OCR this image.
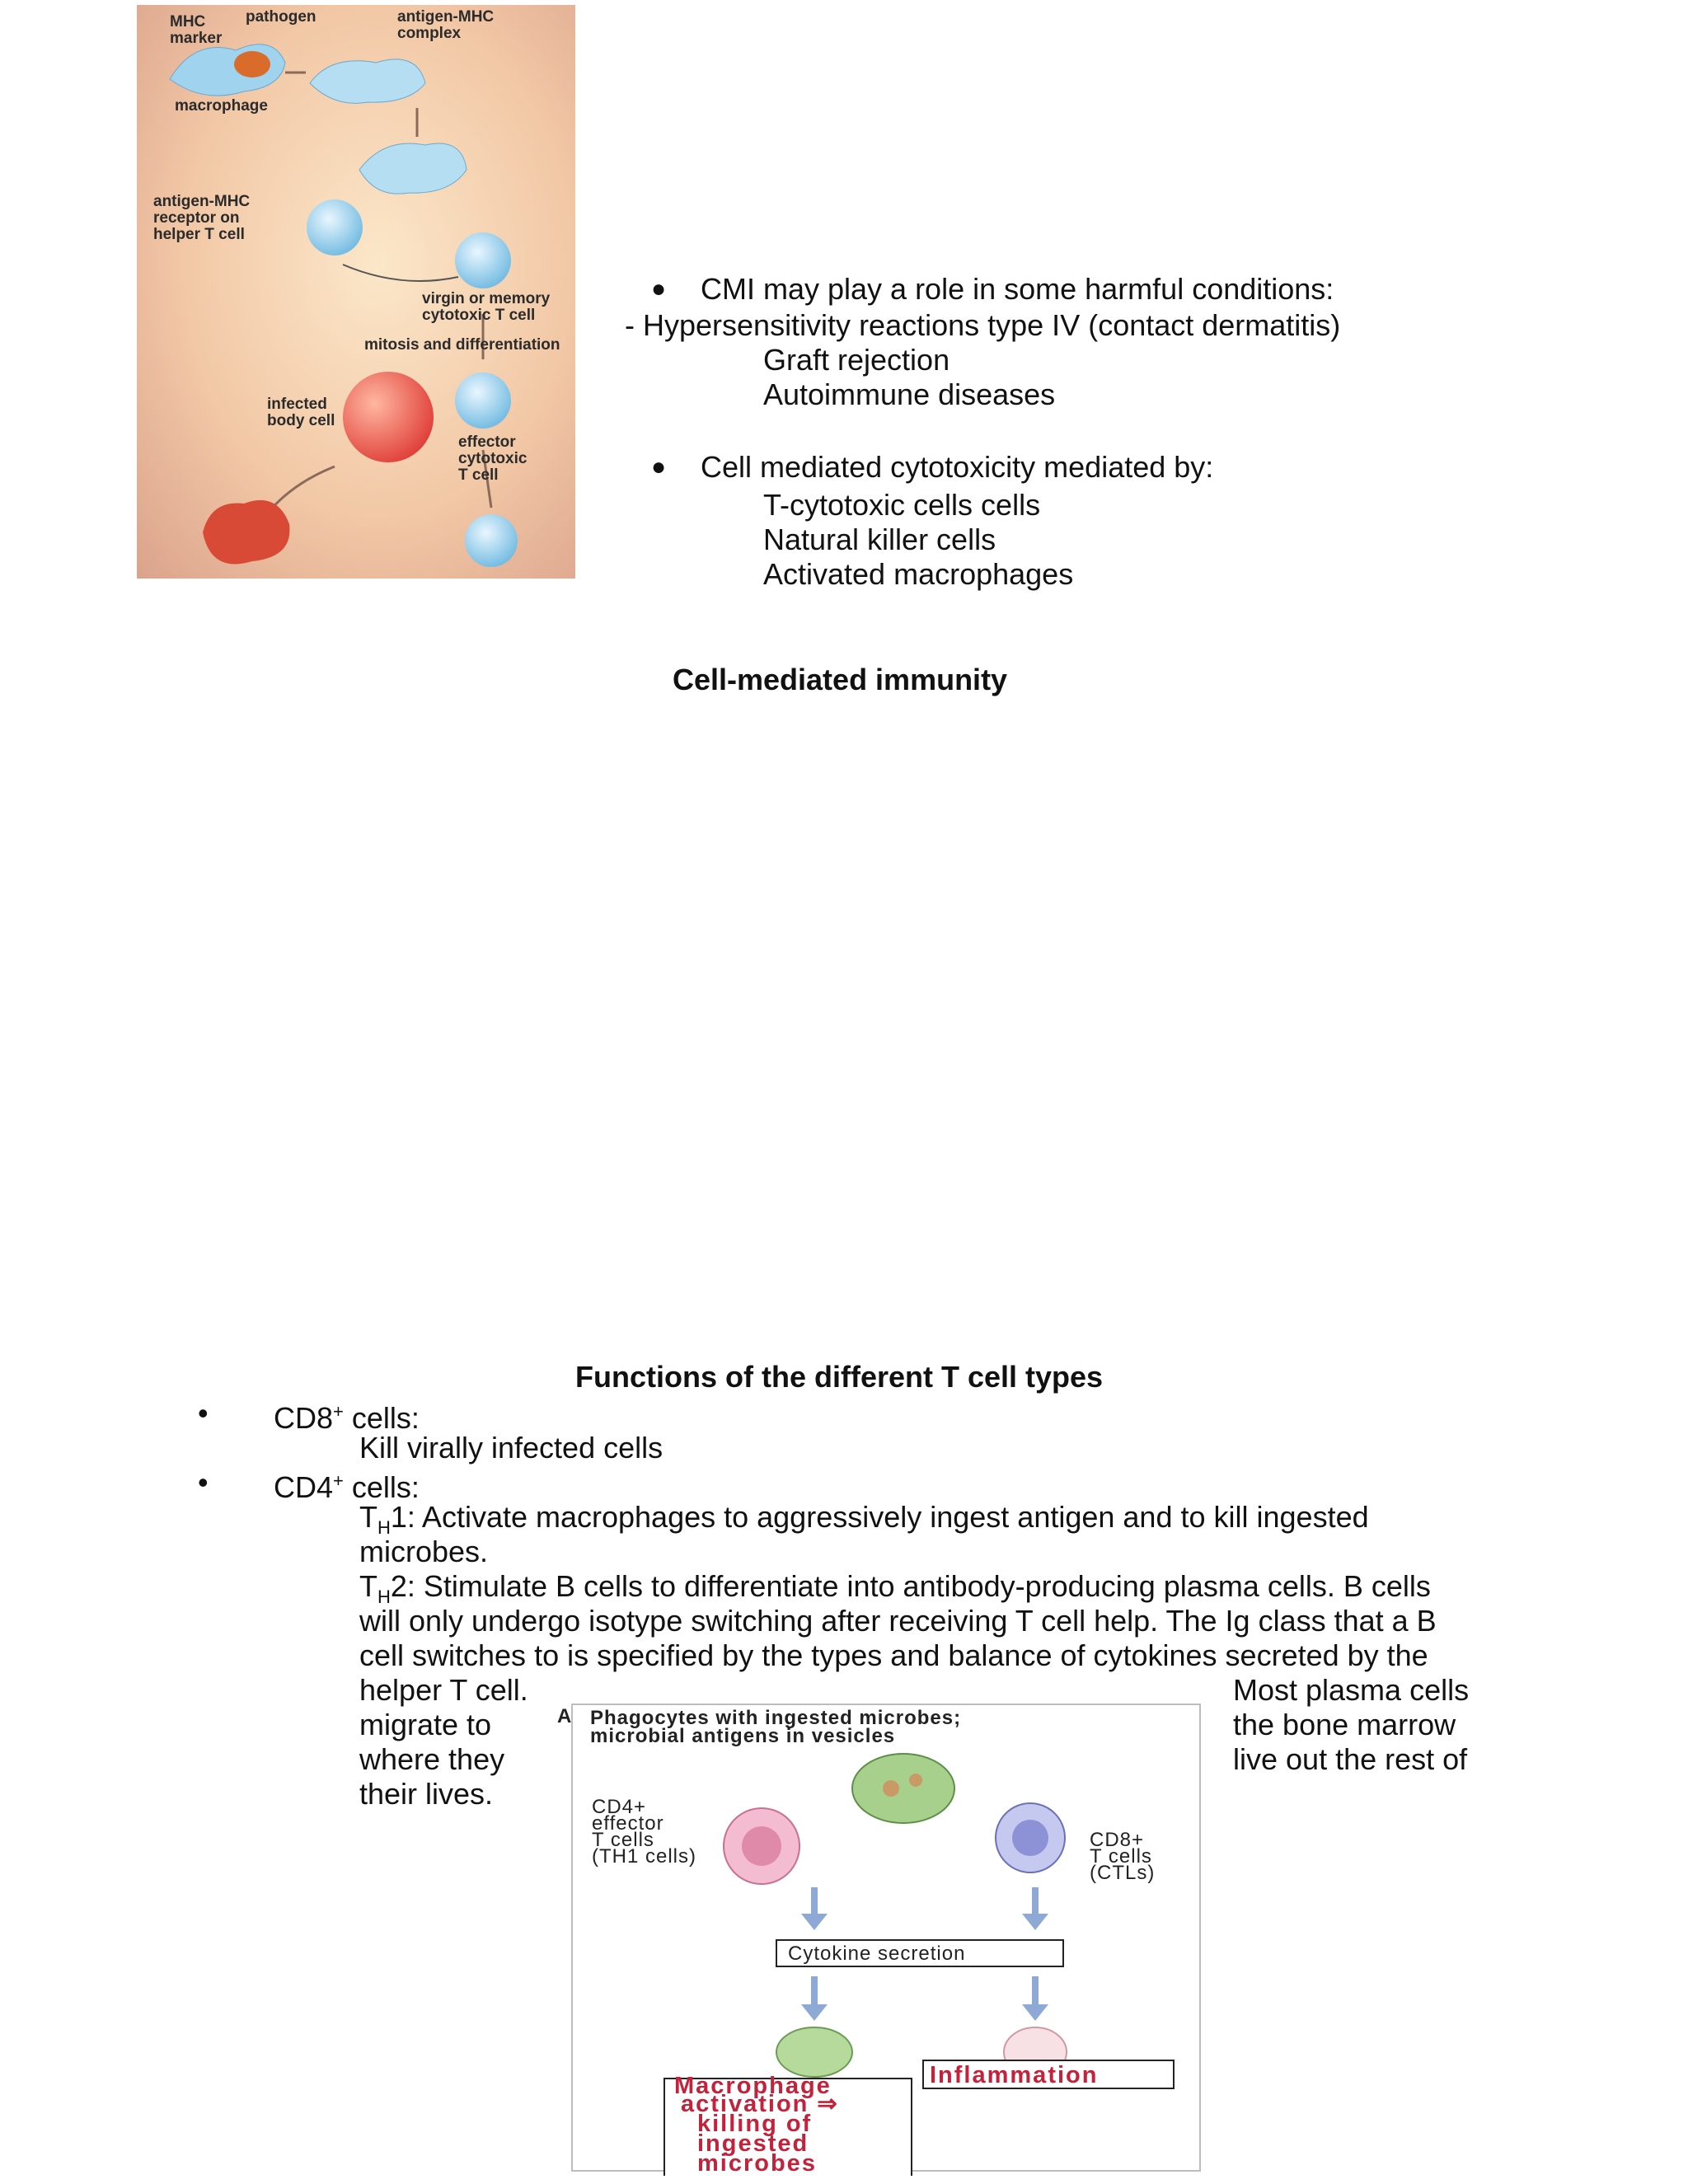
MHC
marker
pathogen	antigen-MHC
complex
macrophage
antigen-MHC
receptor on
helper T cell
virgin or memory
cytotoxic T cell
mitosis and differentiation
infected
body cell
effector
cytotoxic
T cell
● CMI may play a role in some harmful conditions:
- Hypersensitivity reactions type IV (contact dermatitis)
Graft rejection
Autoimmune diseases
● Cell mediated cytotoxicity mediated by:
T-cytotoxic cells cells
Natural killer cells
Activated macrophages
Cell-mediated immunity
Functions of the different T cell types
• CD8+ cells:
Kill virally infected cells
• CD4+ cells:
$T_H1$: Activate macrophages to aggressively ingest antigen and to kill ingested
microbes.
$T_H2$: Stimulate B cells to differentiate into antibody-producing plasma cells. B cells
will only undergo isotype switching after receiving T cell help. The Ig class that a B
cell switches to is specified by the types and balance of cytokines secreted by the
helper T cell.	Most plasma cells
migrate to	the bone marrow
where they	live out the rest of
their lives.
A Phagocytes with ingested microbes;
microbial antigens in vesicles
CD4+
effector
T cells
(TH1 cells)
CD8+
T cells
(CTLs)
Cytokine secretion
Macrophage
activation ⇒
killing of
ingested
microbes
Inflammation
